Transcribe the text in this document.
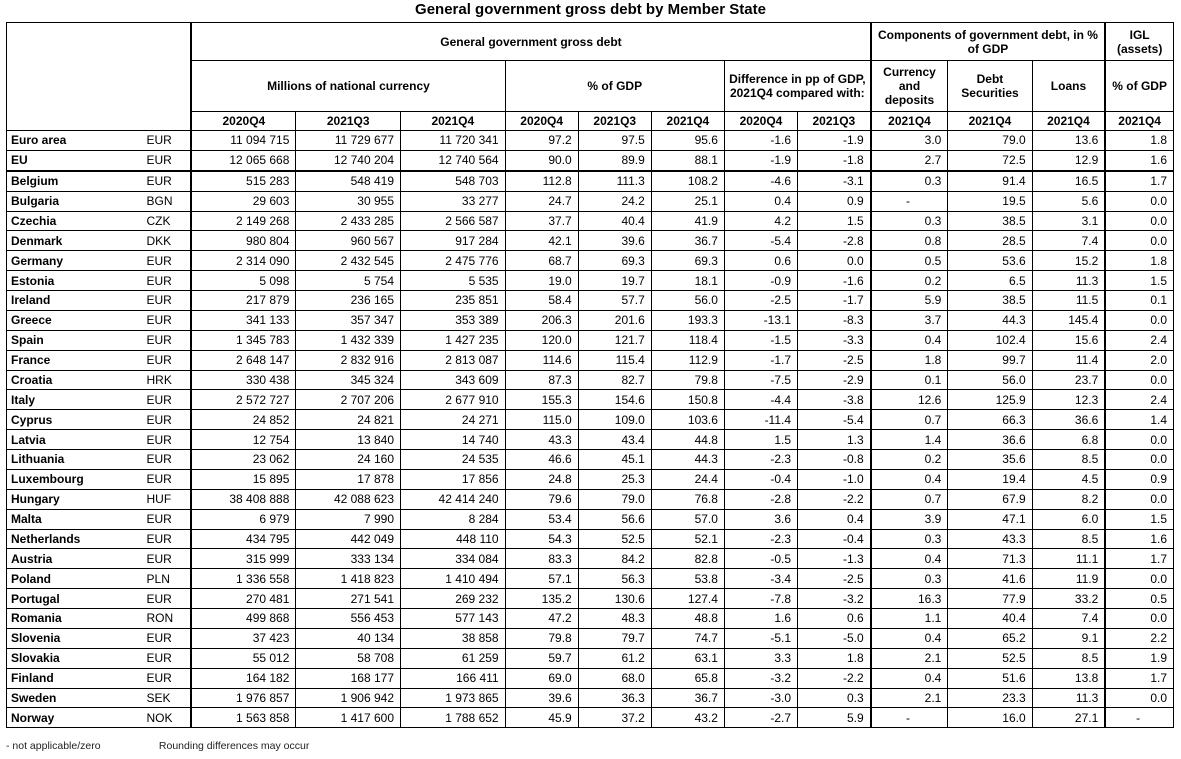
General government gross debt by Member State
		General government gross debt								Components of government debt, in % of GDP			IGL (assets)
		Millions of national currency			% of GDP			Difference in pp of GDP, 2021Q4 compared with:		Currency and deposits	Debt Securities	Loans	% of GDP
		2020Q4	2021Q3	2021Q4	2020Q4	2021Q3	2021Q4	2020Q4	2021Q3	2021Q4	2021Q4	2021Q4	2021Q4
Euro area	EUR	11 094 715	11 729 677	11 720 341	97.2	97.5	95.6	-1.6	-1.9	3.0	79.0	13.6	1.8
EU	EUR	12 065 668	12 740 204	12 740 564	90.0	89.9	88.1	-1.9	-1.8	2.7	72.5	12.9	1.6
Belgium	EUR	515 283	548 419	548 703	112.8	111.3	108.2	-4.6	-3.1	0.3	91.4	16.5	1.7
Bulgaria	BGN	29 603	30 955	33 277	24.7	24.2	25.1	0.4	0.9	-	19.5	5.6	0.0
Czechia	CZK	2 149 268	2 433 285	2 566 587	37.7	40.4	41.9	4.2	1.5	0.3	38.5	3.1	0.0
Denmark	DKK	980 804	960 567	917 284	42.1	39.6	36.7	-5.4	-2.8	0.8	28.5	7.4	0.0
Germany	EUR	2 314 090	2 432 545	2 475 776	68.7	69.3	69.3	0.6	0.0	0.5	53.6	15.2	1.8
Estonia	EUR	5 098	5 754	5 535	19.0	19.7	18.1	-0.9	-1.6	0.2	6.5	11.3	1.5
Ireland	EUR	217 879	236 165	235 851	58.4	57.7	56.0	-2.5	-1.7	5.9	38.5	11.5	0.1
Greece	EUR	341 133	357 347	353 389	206.3	201.6	193.3	-13.1	-8.3	3.7	44.3	145.4	0.0
Spain	EUR	1 345 783	1 432 339	1 427 235	120.0	121.7	118.4	-1.5	-3.3	0.4	102.4	15.6	2.4
France	EUR	2 648 147	2 832 916	2 813 087	114.6	115.4	112.9	-1.7	-2.5	1.8	99.7	11.4	2.0
Croatia	HRK	330 438	345 324	343 609	87.3	82.7	79.8	-7.5	-2.9	0.1	56.0	23.7	0.0
Italy	EUR	2 572 727	2 707 206	2 677 910	155.3	154.6	150.8	-4.4	-3.8	12.6	125.9	12.3	2.4
Cyprus	EUR	24 852	24 821	24 271	115.0	109.0	103.6	-11.4	-5.4	0.7	66.3	36.6	1.4
Latvia	EUR	12 754	13 840	14 740	43.3	43.4	44.8	1.5	1.3	1.4	36.6	6.8	0.0
Lithuania	EUR	23 062	24 160	24 535	46.6	45.1	44.3	-2.3	-0.8	0.2	35.6	8.5	0.0
Luxembourg	EUR	15 895	17 878	17 856	24.8	25.3	24.4	-0.4	-1.0	0.4	19.4	4.5	0.9
Hungary	HUF	38 408 888	42 088 623	42 414 240	79.6	79.0	76.8	-2.8	-2.2	0.7	67.9	8.2	0.0
Malta	EUR	6 979	7 990	8 284	53.4	56.6	57.0	3.6	0.4	3.9	47.1	6.0	1.5
Netherlands	EUR	434 795	442 049	448 110	54.3	52.5	52.1	-2.3	-0.4	0.3	43.3	8.5	1.6
Austria	EUR	315 999	333 134	334 084	83.3	84.2	82.8	-0.5	-1.3	0.4	71.3	11.1	1.7
Poland	PLN	1 336 558	1 418 823	1 410 494	57.1	56.3	53.8	-3.4	-2.5	0.3	41.6	11.9	0.0
Portugal	EUR	270 481	271 541	269 232	135.2	130.6	127.4	-7.8	-3.2	16.3	77.9	33.2	0.5
Romania	RON	499 868	556 453	577 143	47.2	48.3	48.8	1.6	0.6	1.1	40.4	7.4	0.0
Slovenia	EUR	37 423	40 134	38 858	79.8	79.7	74.7	-5.1	-5.0	0.4	65.2	9.1	2.2
Slovakia	EUR	55 012	58 708	61 259	59.7	61.2	63.1	3.3	1.8	2.1	52.5	8.5	1.9
Finland	EUR	164 182	168 177	166 411	69.0	68.0	65.8	-3.2	-2.2	0.4	51.6	13.8	1.7
Sweden	SEK	1 976 857	1 906 942	1 973 865	39.6	36.3	36.7	-3.0	0.3	2.1	23.3	11.3	0.0
Norway	NOK	1 563 858	1 417 600	1 788 652	45.9	37.2	43.2	-2.7	5.9	-	16.0	27.1	-
- not applicable/zero	Rounding differences may occur
